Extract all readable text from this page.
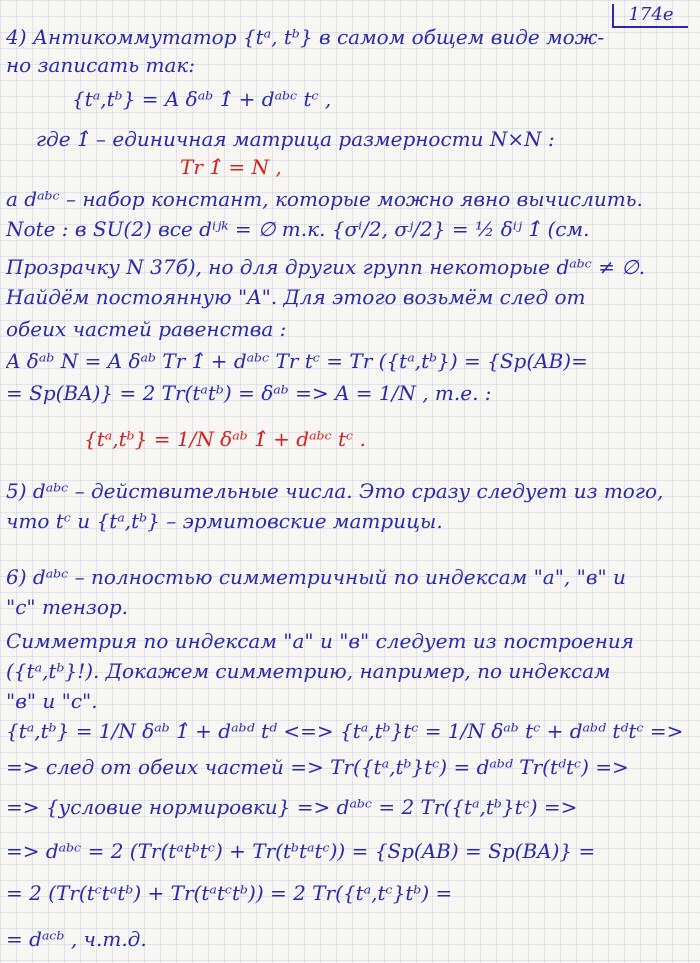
174e
4) Антикоммутатор {tᵃ, tᵇ} в самом общем виде мож-
но записать так:
{tᵃ,tᵇ} = A δᵃᵇ 1̂ + dᵃᵇᶜ tᶜ ,
где 1̂ – единичная матрица размерности N×N :
Tr 1̂ = N ,
a dᵃᵇᶜ – набор констант, которые можно явно вычислить.
Note : в SU(2) все dⁱʲᵏ = ∅ т.к. {σⁱ/2, σʲ/2} = ½ δⁱʲ 1̂ (см.
Прозрачку N 37б), но для других групп некоторые dᵃᵇᶜ ≠ ∅.
Найдём постоянную "A". Для этого возьмём след от
обеих частей равенства :
A δᵃᵇ N = A δᵃᵇ Tr 1̂ + dᵃᵇᶜ Tr tᶜ = Tr ({tᵃ,tᵇ}) = {Sp(AB)=
= Sp(BA)} = 2 Tr(tᵃtᵇ) = δᵃᵇ => A = 1/N , т.е. :
{tᵃ,tᵇ} = 1/N δᵃᵇ 1̂ + dᵃᵇᶜ tᶜ .
5) dᵃᵇᶜ – действительные числа. Это сразу следует из того,
что tᶜ и {tᵃ,tᵇ} – эрмитовские матрицы.
6) dᵃᵇᶜ – полностью симметричный по индексам "а", "в" и
"с" тензор.
Симметрия по индексам "а" и "в" следует из построения
({tᵃ,tᵇ}!). Докажем симметрию, например, по индексам
"в" и "с".
{tᵃ,tᵇ} = 1/N δᵃᵇ 1̂ + dᵃᵇᵈ tᵈ <=> {tᵃ,tᵇ}tᶜ = 1/N δᵃᵇ tᶜ + dᵃᵇᵈ tᵈtᶜ =>
=> след от обеих частей => Tr({tᵃ,tᵇ}tᶜ) = dᵃᵇᵈ Tr(tᵈtᶜ) =>
=> {условие нормировки} => dᵃᵇᶜ = 2 Tr({tᵃ,tᵇ}tᶜ) =>
=> dᵃᵇᶜ = 2 (Tr(tᵃtᵇtᶜ) + Tr(tᵇtᵃtᶜ)) = {Sp(AB) = Sp(BA)} =
= 2 (Tr(tᶜtᵃtᵇ) + Tr(tᵃtᶜtᵇ)) = 2 Tr({tᵃ,tᶜ}tᵇ) =
= dᵃᶜᵇ , ч.т.д.
